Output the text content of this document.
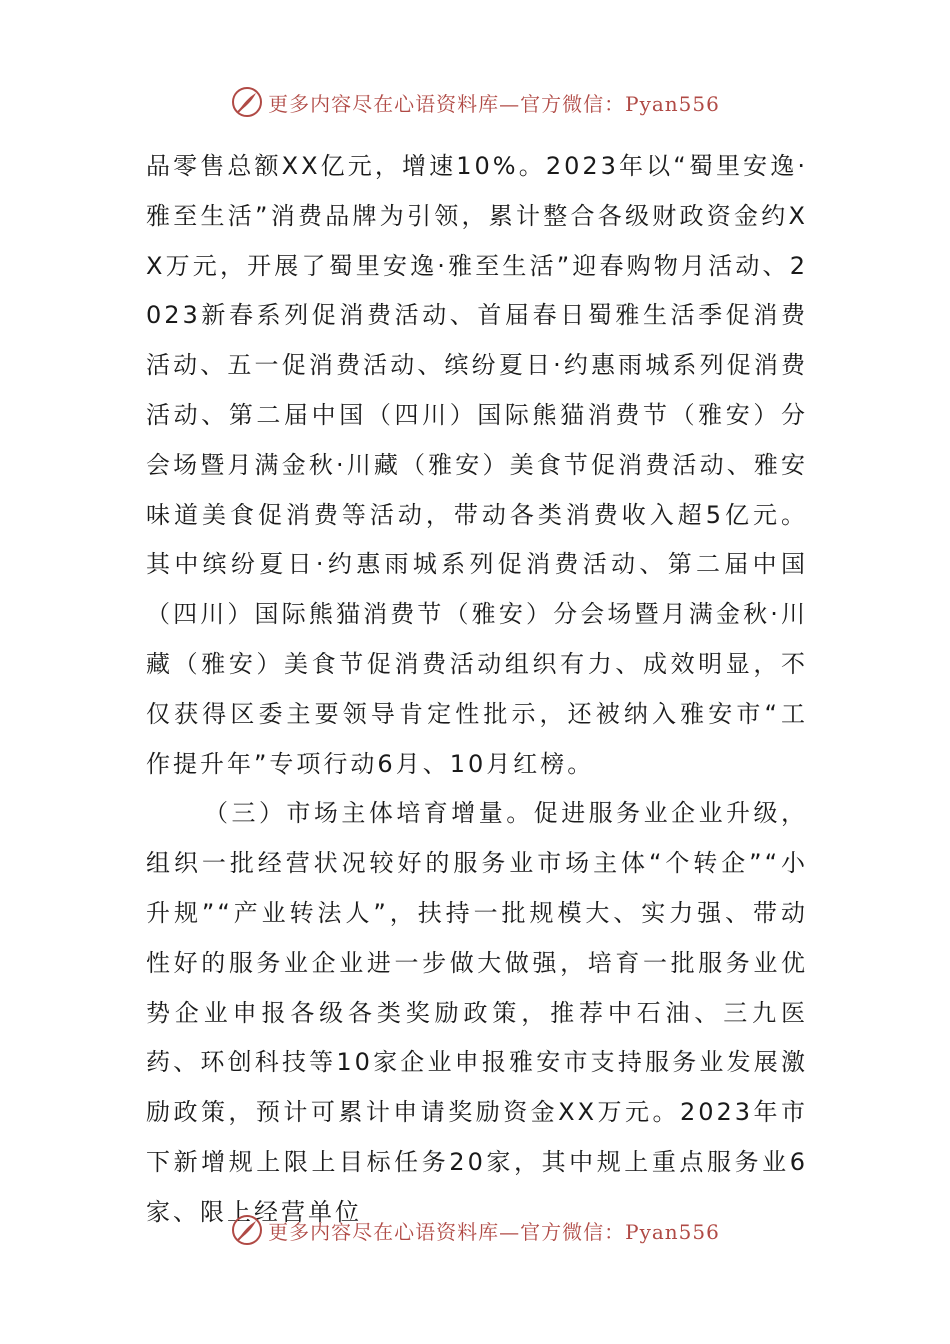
更多内容尽在心语资料库—官方微信：Pyan556

品零售总额XX亿元，增速10%。2023年以“蜀里安逸·雅至生活”消费品牌为引领，累计整合各级财政资金约XX万元，开展了蜀里安逸·雅至生活”迎春购物月活动、2023新春系列促消费活动、首届春日蜀雅生活季促消费活动、五一促消费活动、缤纷夏日·约惠雨城系列促消费活动、第二届中国（四川）国际熊猫消费节（雅安）分会场暨月满金秋·川藏（雅安）美食节促消费活动、雅安味道美食促消费等活动，带动各类消费收入超5亿元。其中缤纷夏日·约惠雨城系列促消费活动、第二届中国（四川）国际熊猫消费节（雅安）分会场暨月满金秋·川藏（雅安）美食节促消费活动组织有力、成效明显，不仅获得区委主要领导肯定性批示，还被纳入雅安市“工作提升年”专项行动6月、10月红榜。

（三）市场主体培育增量。促进服务业企业升级，组织一批经营状况较好的服务业市场主体“个转企”“小升规”“产业转法人”，扶持一批规模大、实力强、带动性好的服务业企业进一步做大做强，培育一批服务业优势企业申报各级各类奖励政策，推荐中石油、三九医药、环创科技等10家企业申报雅安市支持服务业发展激励政策，预计可累计申请奖励资金XX万元。2023年市下新增规上限上目标任务20家，其中规上重点服务业6家、限上经营单位

更多内容尽在心语资料库—官方微信：Pyan556
